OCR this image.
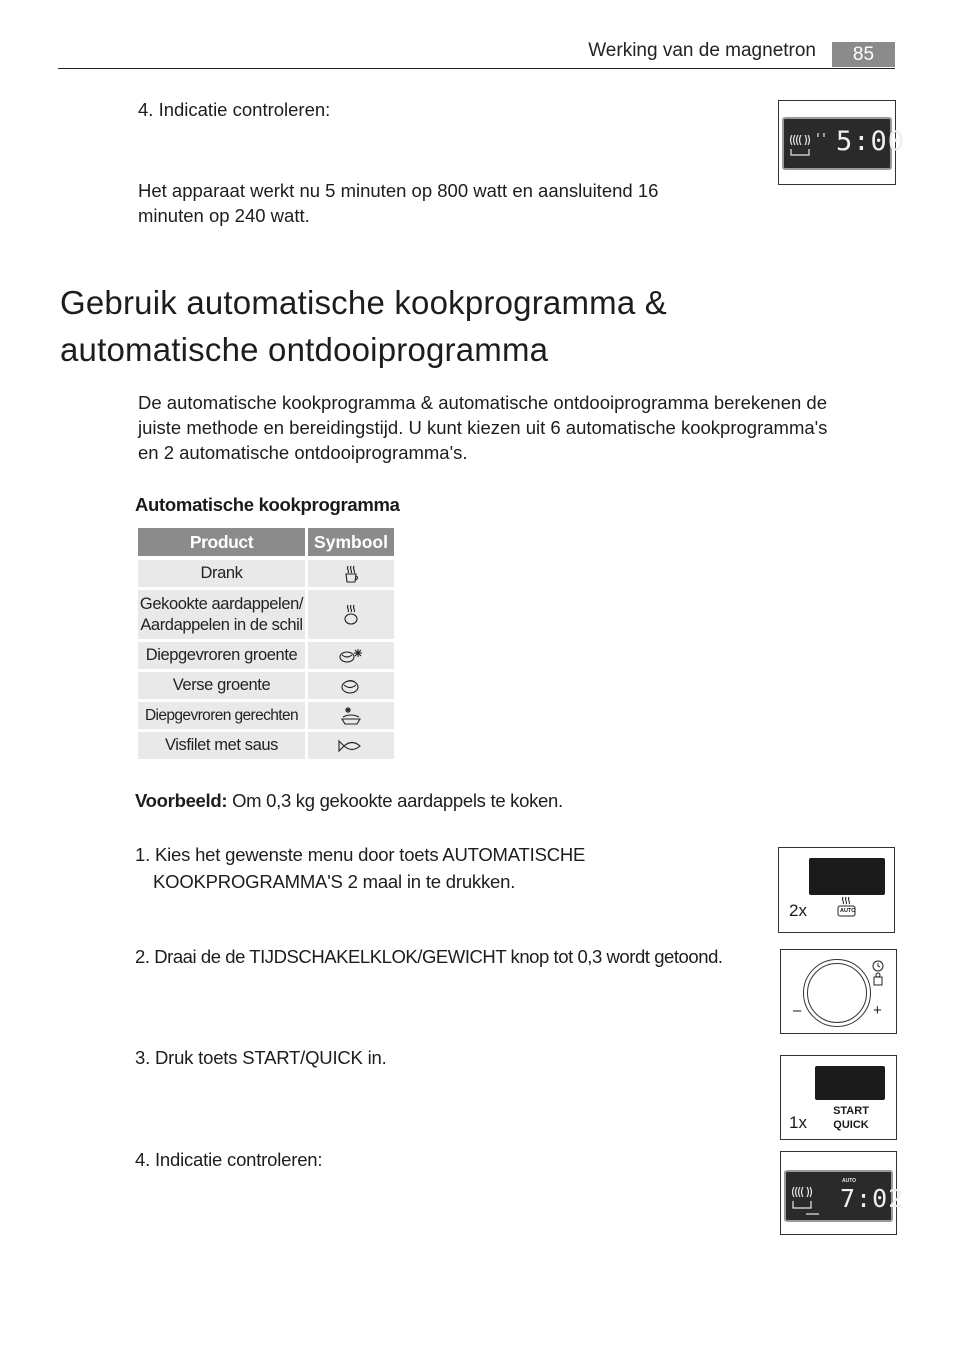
Werking van de magnetron	85
4. Indicatie controleren:
Het apparaat werkt nu 5 minuten op 800 watt en aansluitend 16
minuten op 240 watt.
5:00
Gebruik automatische kookprogramma &
automatische ontdooiprogramma
De automatische kookprogramma & automatische ontdooiprogramma berekenen de
juiste methode en bereidingstijd. U kunt kiezen uit 6 automatische kookprogramma's
en 2 automatische ontdooiprogramma's.
Automatische kookprogramma
Product	Symbool
Drank
Gekookte aardappelen/
Aardappelen in de schil
Diepgevroren groente
Verse groente
Diepgevroren gerechten
Visfilet met saus
Voorbeeld: Om 0,3 kg gekookte aardappels te koken.
1. Kies het gewenste menu door toets AUTOMATISCHE
KOOKPROGRAMMA'S 2 maal in te drukken.
2x	AUTO
2. Draai de de TIJDSCHAKELKLOK/GEWICHT knop tot 0,3 wordt getoond.
–	+
3. Druk toets START/QUICK in.
1x
START
QUICK
4. Indicatie controleren:
AUTO
7:02
